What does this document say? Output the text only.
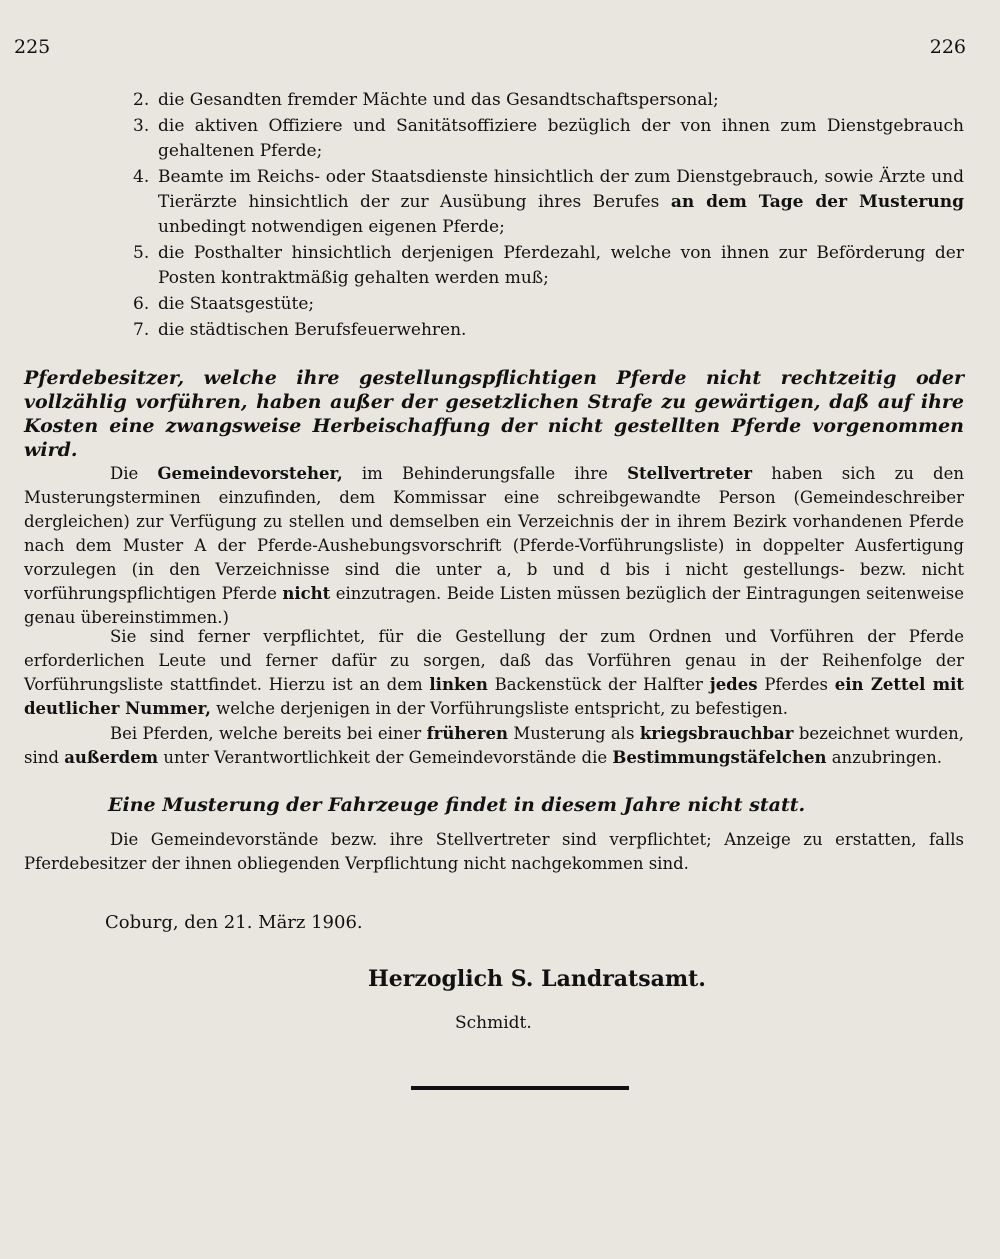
225	226
2. die Gesandten fremder Mächte und das Gesandtschaftspersonal;
3. die aktiven Offiziere und Sanitätsoffiziere bezüglich der von ihnen zum Dienstgebrauch gehaltenen Pferde;
4. Beamte im Reichs- oder Staatsdienste hinsichtlich der zum Dienstgebrauch, sowie Ärzte und Tierärzte hinsichtlich der zur Ausübung ihres Berufes an dem Tage der Musterung unbedingt notwendigen eigenen Pferde;
5. die Posthalter hinsichtlich derjenigen Pferdezahl, welche von ihnen zur Beförderung der Posten kontraktmäßig gehalten werden muß;
6. die Staatsgestüte;
7. die städtischen Berufsfeuerwehren.
Pferdebesitzer, welche ihre gestellungspflichtigen Pferde nicht rechtzeitig oder vollzählig vorführen, haben außer der gesetzlichen Strafe zu gewärtigen, daß auf ihre Kosten eine zwangsweise Herbeischaffung der nicht gestellten Pferde vorgenommen wird.
Die Gemeindevorsteher, im Behinderungsfalle ihre Stellvertreter haben sich zu den Musterungsterminen einzufinden, dem Kommissar eine schreibgewandte Person (Gemeindeschreiber dergleichen) zur Verfügung zu stellen und demselben ein Verzeichnis der in ihrem Bezirk vorhandenen Pferde nach dem Muster A der Pferde-Aushebungsvorschrift (Pferde-Vorführungsliste) in doppelter Ausfertigung vorzulegen (in den Verzeichnisse sind die unter a, b und d bis i nicht gestellungs- bezw. nicht vorführungspflichtigen Pferde nicht einzutragen. Beide Listen müssen bezüglich der Eintragungen seitenweise genau übereinstimmen.)
Sie sind ferner verpflichtet, für die Gestellung der zum Ordnen und Vorführen der Pferde erforderlichen Leute und ferner dafür zu sorgen, daß das Vorführen genau in der Reihenfolge der Vorführungsliste stattfindet. Hierzu ist an dem linken Backenstück der Halfter jedes Pferdes ein Zettel mit deutlicher Nummer, welche derjenigen in der Vorführungsliste entspricht, zu befestigen.
Bei Pferden, welche bereits bei einer früheren Musterung als kriegsbrauchbar bezeichnet wurden, sind außerdem unter Verantwortlichkeit der Gemeindevorstände die Bestimmungstäfelchen anzubringen.
Eine Musterung der Fahrzeuge findet in diesem Jahre nicht statt.
Die Gemeindevorstände bezw. ihre Stellvertreter sind verpflichtet; Anzeige zu erstatten, falls Pferdebesitzer der ihnen obliegenden Verpflichtung nicht nachgekommen sind.
Coburg, den 21. März 1906.
Herzoglich S. Landratsamt.
Schmidt.
